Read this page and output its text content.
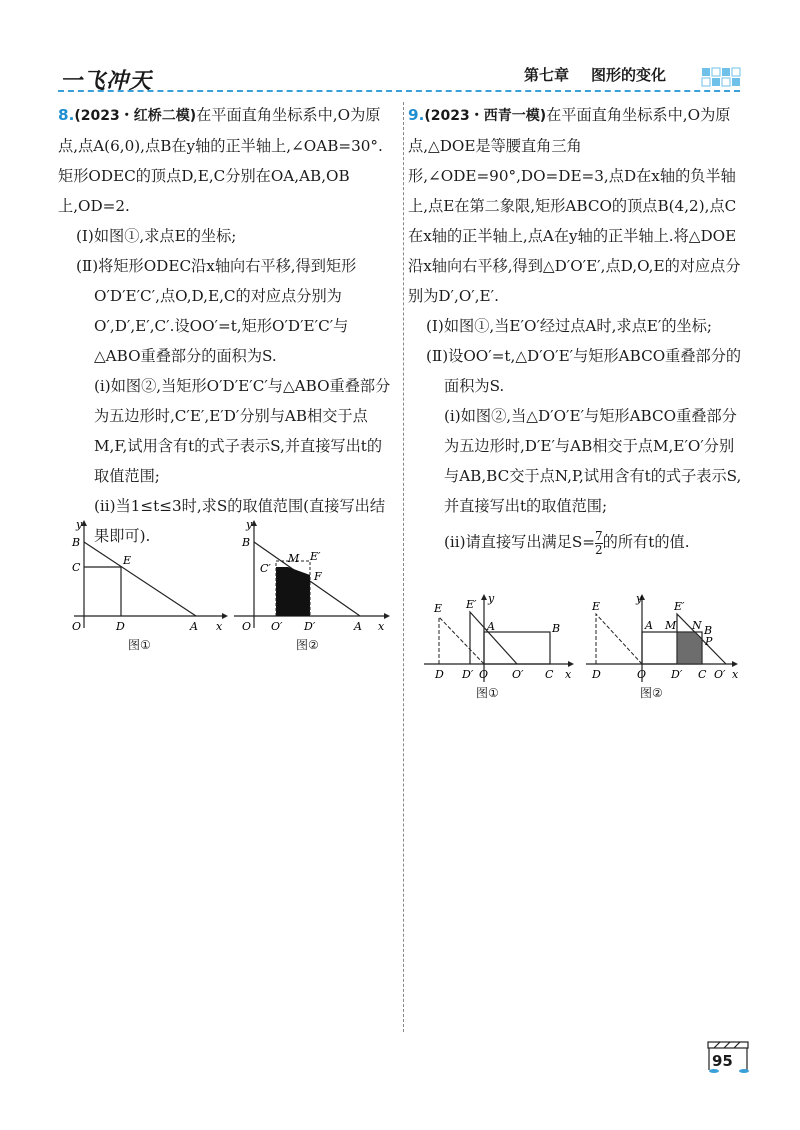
一飞冲天	第七章 图形的变化
8.(2023・红桥二模)在平面直角坐标系中,O为原点,点A(6,0),点B在y轴的正半轴上,∠OAB=30°.矩形ODEC的顶点D,E,C分别在OA,AB,OB上,OD=2.
(Ⅰ)如图①,求点E的坐标;
(Ⅱ)将矩形ODEC沿x轴向右平移,得到矩形O′D′E′C′,点O,D,E,C的对应点分别为O′,D′,E′,C′.设OO′=t,矩形O′D′E′C′与△ABO重叠部分的面积为S.
(ⅰ)如图②,当矩形O′D′E′C′与△ABO重叠部分为五边形时,C′E′,E′D′分别与AB相交于点M,F,试用含有t的式子表示S,并直接写出t的取值范围;
(ⅱ)当1≤t≤3时,求S的取值范围(直接写出结果即可).
y
B
C
E
O	D	A x
图①
y
B
C′
M E′
F
O O′ D′	A x
图②
9.(2023・西青一模)在平面直角坐标系中,O为原点,△DOE是等腰直角三角形,∠ODE=90°,DO=DE=3,点D在x轴的负半轴上,点E在第二象限,矩形ABCO的顶点B(4,2),点C在x轴的正半轴上,点A在y轴的正半轴上.将△DOE沿x轴向右平移,得到△D′O′E′,点D,O,E的对应点分别为D′,O′,E′.
(Ⅰ)如图①,当E′O′经过点A时,求点E′的坐标;
(Ⅱ)设OO′=t,△D′O′E′与矩形ABCO重叠部分的面积为S.
(ⅰ)如图②,当△D′O′E′与矩形ABCO重叠部分为五边形时,D′E′与AB相交于点M,E′O′分别与AB,BC交于点N,P,试用含有t的式子表示S,并直接写出t的取值范围;
(ⅱ)请直接写出满足$S= \frac{7}{2}$ 的所有t的值.
E E′ y
A	B
D D′ O O′ C x
图①
E
y
E′
A M N B
P
D	O D′ C O′ x
图②
95
